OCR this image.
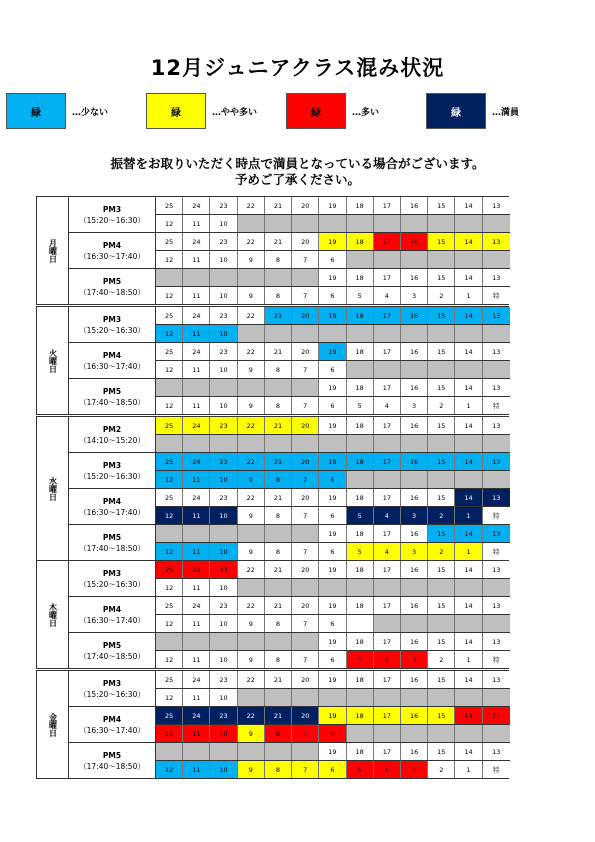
12月ジュニアクラス混み状況
緑	…少ない	緑	…やや多い	緑	…多い	緑	…満員
振替をお取りいただく時点で満員となっている場合がございます。
予めご了承ください。
月曜日
PM3
（15:20～16:30）
25	24	23	22	21	20	19	18	17	16	15	14	13
12	11	10
PM4
（16:30～17:40）
25	24	23	22	21	20	19	18	17	16	15	14	13
12	11	10	9	8	7	6
PM5
（17:40～18:50）
19	18	17	16	15	14	13
12	11	10	9	8	7	6	5	4	3	2	1	特
火曜日
PM3
（15:20～16:30）
25	24	23	22	21	20	19	18	17	16	15	14	13
12	11	10
PM4
（16:30～17:40）
25	24	23	22	21	20	19	18	17	16	15	14	13
12	11	10	9	8	7	6
PM5
（17:40～18:50）
19	18	17	16	15	14	13
12	11	10	9	8	7	6	5	4	3	2	1	特
水曜日
PM2
（14:10～15:20）
25	24	23	22	21	20	19	18	17	16	15	14	13
PM3
（15:20～16:30）
25	24	23	22	21	20	19	18	17	16	15	14	13
12	11	10	9	8	7	6
PM4
（16:30～17:40）
25	24	23	22	21	20	19	18	17	16	15	14	13
12	11	10	9	8	7	6	5	4	3	2	1	特
PM5
（17:40～18:50）
19	18	17	16	15	14	13
12	11	10	9	8	7	6	5	4	3	2	1	特
木曜日
PM3
（15:20～16:30）
25	24	23	22	21	20	19	18	17	16	15	14	13
12	11	10
PM4
（16:30～17:40）
25	24	23	22	21	20	19	18	17	16	15	14	13
12	11	10	9	8	7	6
PM5
（17:40～18:50）
19	18	17	16	15	14	13
12	11	10	9	8	7	6	5	4	3	2	1	特
金曜日
PM3
（15:20～16:30）
25	24	23	22	21	20	19	18	17	16	15	14	13
12	11	10
PM4
（16:30～17:40）
25	24	23	22	21	20	19	18	17	16	15	14	13
12	11	10	9	8	7	6
PM5
（17:40～18:50）
19	18	17	16	15	14	13
12	11	10	9	8	7	6	5	4	3	2	1	特
